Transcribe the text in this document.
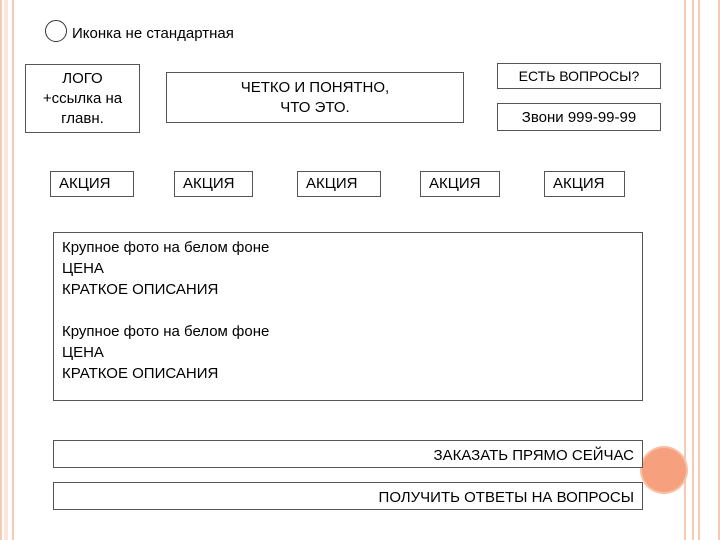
Иконка не стандартная
ЛОГО
+ссылка на
главн.
ЧЕТКО И ПОНЯТНО,
ЧТО ЭТО.
ЕСТЬ ВОПРОСЫ?
Звони 999-99-99
АКЦИЯ	АКЦИЯ	АКЦИЯ	АКЦИЯ	АКЦИЯ
Крупное фото на белом фоне
ЦЕНА
КРАТКОЕ ОПИСАНИЯ
Крупное фото на белом фоне
ЦЕНА
КРАТКОЕ ОПИСАНИЯ
ЗАКАЗАТЬ ПРЯМО СЕЙЧАС
ПОЛУЧИТЬ ОТВЕТЫ НА ВОПРОСЫ
